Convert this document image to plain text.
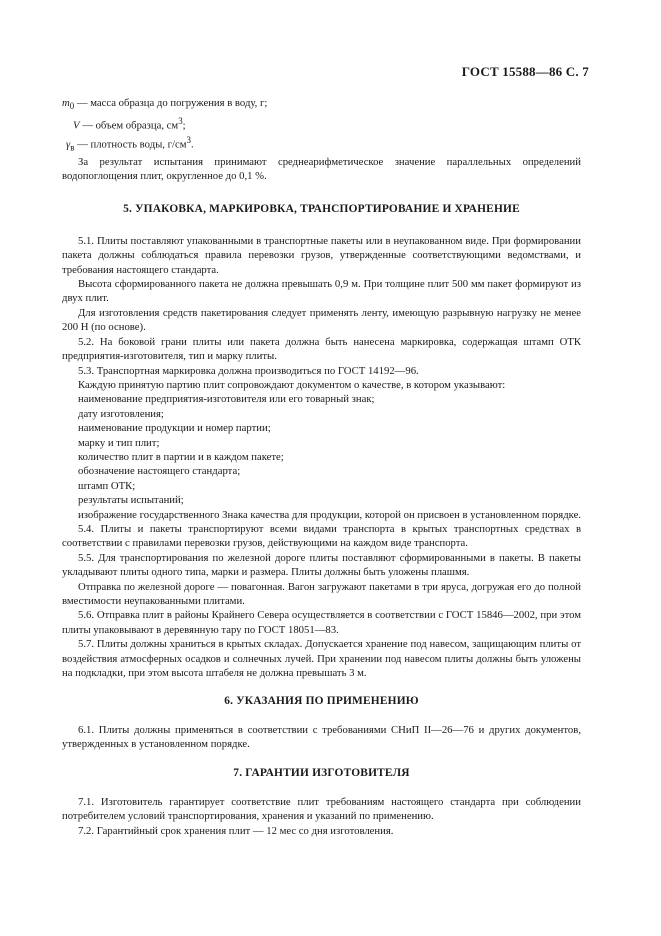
ГОСТ 15588—86 С. 7

$m_0$ — масса образца до погружения в воду, г;

V — объем образца, $см^3$;

$\gamma_в$ — плотность воды, $г/см^3$.

За результат испытания принимают среднеарифметическое значение параллельных определений водопоглощения плит, округленное до 0,1 %.

5. УПАКОВКА, МАРКИРОВКА, ТРАНСПОРТИРОВАНИЕ И ХРАНЕНИЕ

5.1. Плиты поставляют упакованными в транспортные пакеты или в неупакованном виде. При формировании пакета должны соблюдаться правила перевозки грузов, утвержденные соответствующими ведомствами, и требования настоящего стандарта.

Высота сформированного пакета не должна превышать 0,9 м. При толщине плит 500 мм пакет формируют из двух плит.

Для изготовления средств пакетирования следует применять ленту, имеющую разрывную нагрузку не менее 200 Н (по основе).

5.2. На боковой грани плиты или пакета должна быть нанесена маркировка, содержащая штамп ОТК предприятия-изготовителя, тип и марку плиты.

5.3. Транспортная маркировка должна производиться по ГОСТ 14192—96.

Каждую принятую партию плит сопровождают документом о качестве, в котором указывают:

наименование предприятия-изготовителя или его товарный знак;

дату изготовления;

наименование продукции и номер партии;

марку и тип плит;

количество плит в партии и в каждом пакете;

обозначение настоящего стандарта;

штамп ОТК;

результаты испытаний;

изображение государственного Знака качества для продукции, которой он присвоен в установленном порядке.

5.4. Плиты и пакеты транспортируют всеми видами транспорта в крытых транспортных средствах в соответствии с правилами перевозки грузов, действующими на каждом виде транспорта.

5.5. Для транспортирования по железной дороге плиты поставляют сформированными в пакеты. В пакеты укладывают плиты одного типа, марки и размера. Плиты должны быть уложены плашмя.

Отправка по железной дороге — повагонная. Вагон загружают пакетами в три яруса, догружая его до полной вместимости неупакованными плитами.

5.6. Отправка плит в районы Крайнего Севера осуществляется в соответствии с ГОСТ 15846—2002, при этом плиты упаковывают в деревянную тару по ГОСТ 18051—83.

5.7. Плиты должны храниться в крытых складах. Допускается хранение под навесом, защищающим плиты от воздействия атмосферных осадков и солнечных лучей. При хранении под навесом плиты должны быть уложены на подкладки, при этом высота штабеля не должна превышать 3 м.

6. УКАЗАНИЯ ПО ПРИМЕНЕНИЮ

6.1. Плиты должны применяться в соответствии с требованиями СНиП II—26—76 и других документов, утвержденных в установленном порядке.

7. ГАРАНТИИ ИЗГОТОВИТЕЛЯ

7.1. Изготовитель гарантирует соответствие плит требованиям настоящего стандарта при соблюдении потребителем условий транспортирования, хранения и указаний по применению.

7.2. Гарантийный срок хранения плит — 12 мес со дня изготовления.
